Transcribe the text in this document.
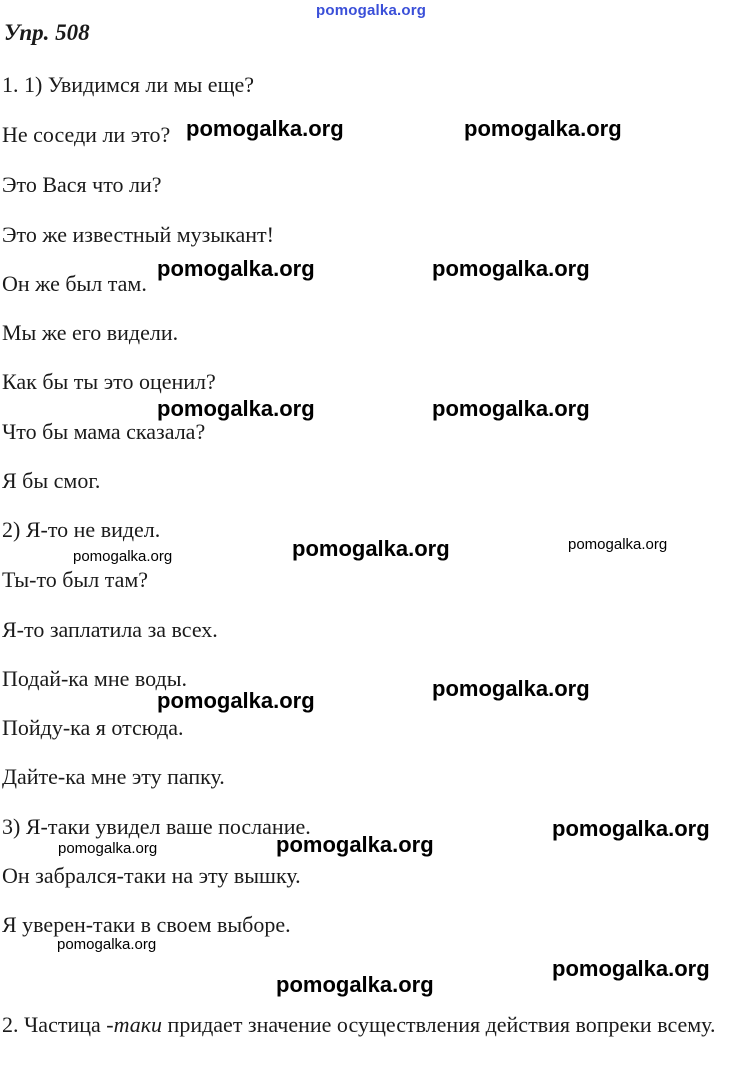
pomogalka.org
Упр. 508
1. 1) Увидимся ли мы еще?
Не соседи ли это?
Это Вася что ли?
Это же известный музыкант!
Он же был там.
Мы же его видели.
Как бы ты это оценил?
Что бы мама сказала?
Я бы смог.
2) Я-то не видел.
Ты-то был там?
Я-то заплатила за всех.
Подай-ка мне воды.
Пойду-ка я отсюда.
Дайте-ка мне эту папку.
3) Я-таки увидел ваше послание.
Он забрался-таки на эту вышку.
Я уверен-таки в своем выборе.
2. Частица -таки придает значение осуществления действия вопреки всему.
pomogalka.org	pomogalka.org
pomogalka.org	pomogalka.org
pomogalka.org	pomogalka.org
pomogalka.org	pomogalka.org	pomogalka.org
pomogalka.org	pomogalka.org
pomogalka.org
pomogalka.org	pomogalka.org
pomogalka.org
pomogalka.org
pomogalka.org
